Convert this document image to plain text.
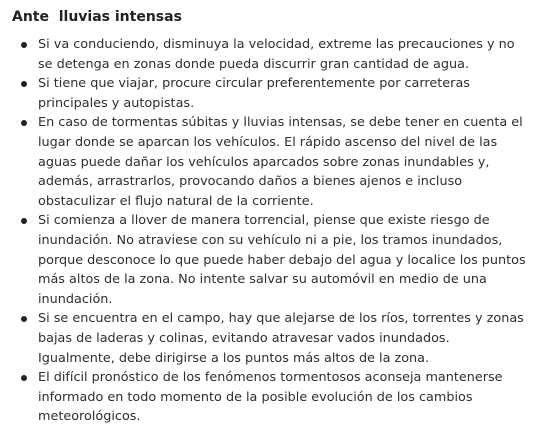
Ante  lluvias intensas
Si va conduciendo, disminuya la velocidad, extreme las precauciones y no se detenga en zonas donde pueda discurrir gran cantidad de agua.
Si tiene que viajar, procure circular preferentemente por carreteras principales y autopistas.
En caso de tormentas súbitas y lluvias intensas, se debe tener en cuenta el lugar donde se aparcan los vehículos. El rápido ascenso del nivel de las aguas puede dañar los vehículos aparcados sobre zonas inundables y, además, arrastrarlos, provocando daños a bienes ajenos e incluso obstaculizar el flujo natural de la corriente.
Si comienza a llover de manera torrencial, piense que existe riesgo de inundación. No atraviese con su vehículo ni a pie, los tramos inundados, porque desconoce lo que puede haber debajo del agua y localice los puntos más altos de la zona. No intente salvar su automóvil en medio de una inundación.
Si se encuentra en el campo, hay que alejarse de los ríos, torrentes y zonas bajas de laderas y colinas, evitando atravesar vados inundados. Igualmente, debe dirigirse a los puntos más altos de la zona.
El difícil pronóstico de los fenómenos tormentosos aconseja mantenerse informado en todo momento de la posible evolución de los cambios meteorológicos.
